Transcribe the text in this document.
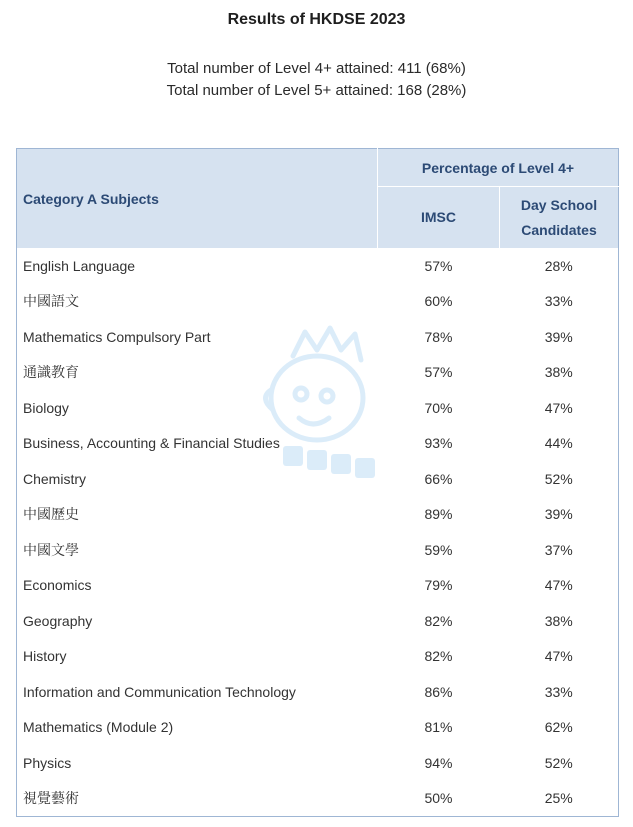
Results of HKDSE 2023
Total number of Level 4+ attained: 411 (68%)
Total number of Level 5+ attained: 168 (28%)
Category A Subjects	Percentage of Level 4+	
	IMSC	Day School
Candidates
English Language	57%	28%
中國語文	60%	33%
Mathematics Compulsory Part	78%	39%
通識教育	57%	38%
Biology	70%	47%
Business, Accounting & Financial Studies	93%	44%
Chemistry	66%	52%
中國歷史	89%	39%
中國文學	59%	37%
Economics	79%	47%
Geography	82%	38%
History	82%	47%
Information and Communication Technology	86%	33%
Mathematics (Module 2)	81%	62%
Physics	94%	52%
視覺藝術	50%	25%
